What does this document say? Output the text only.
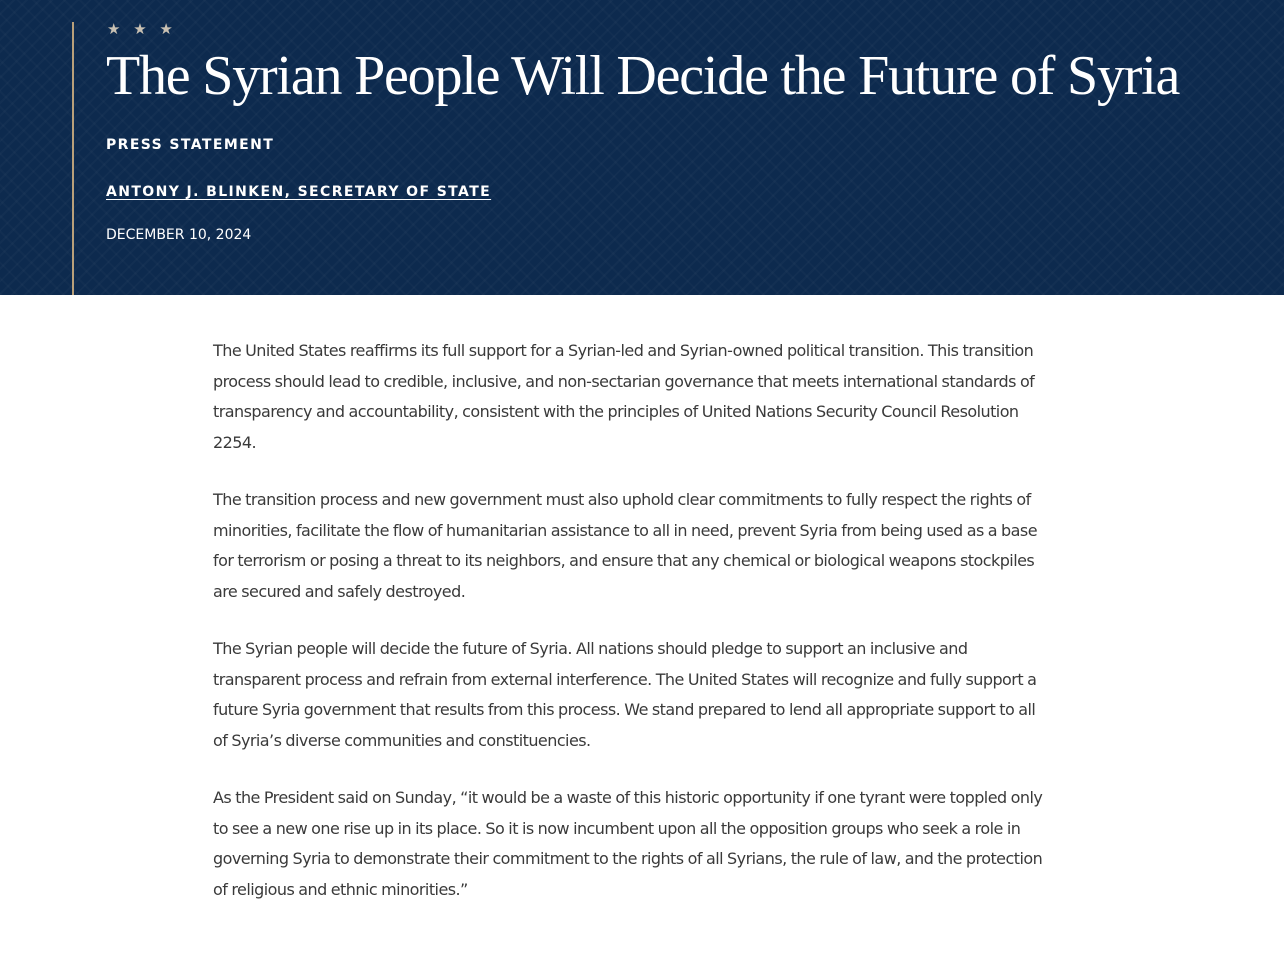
★ ★ ★
The Syrian People Will Decide the Future of Syria
PRESS STATEMENT
ANTONY J. BLINKEN, SECRETARY OF STATE
DECEMBER 10, 2024

The United States reaffirms its full support for a Syrian-led and Syrian-owned political transition. This transition process should lead to credible, inclusive, and non-sectarian governance that meets international standards of transparency and accountability, consistent with the principles of United Nations Security Council Resolution 2254.

The transition process and new government must also uphold clear commitments to fully respect the rights of minorities, facilitate the flow of humanitarian assistance to all in need, prevent Syria from being used as a base for terrorism or posing a threat to its neighbors, and ensure that any chemical or biological weapons stockpiles are secured and safely destroyed.

The Syrian people will decide the future of Syria. All nations should pledge to support an inclusive and transparent process and refrain from external interference. The United States will recognize and fully support a future Syria government that results from this process. We stand prepared to lend all appropriate support to all of Syria’s diverse communities and constituencies.

As the President said on Sunday, “it would be a waste of this historic opportunity if one tyrant were toppled only to see a new one rise up in its place. So it is now incumbent upon all the opposition groups who seek a role in governing Syria to demonstrate their commitment to the rights of all Syrians, the rule of law, and the protection of religious and ethnic minorities.”
